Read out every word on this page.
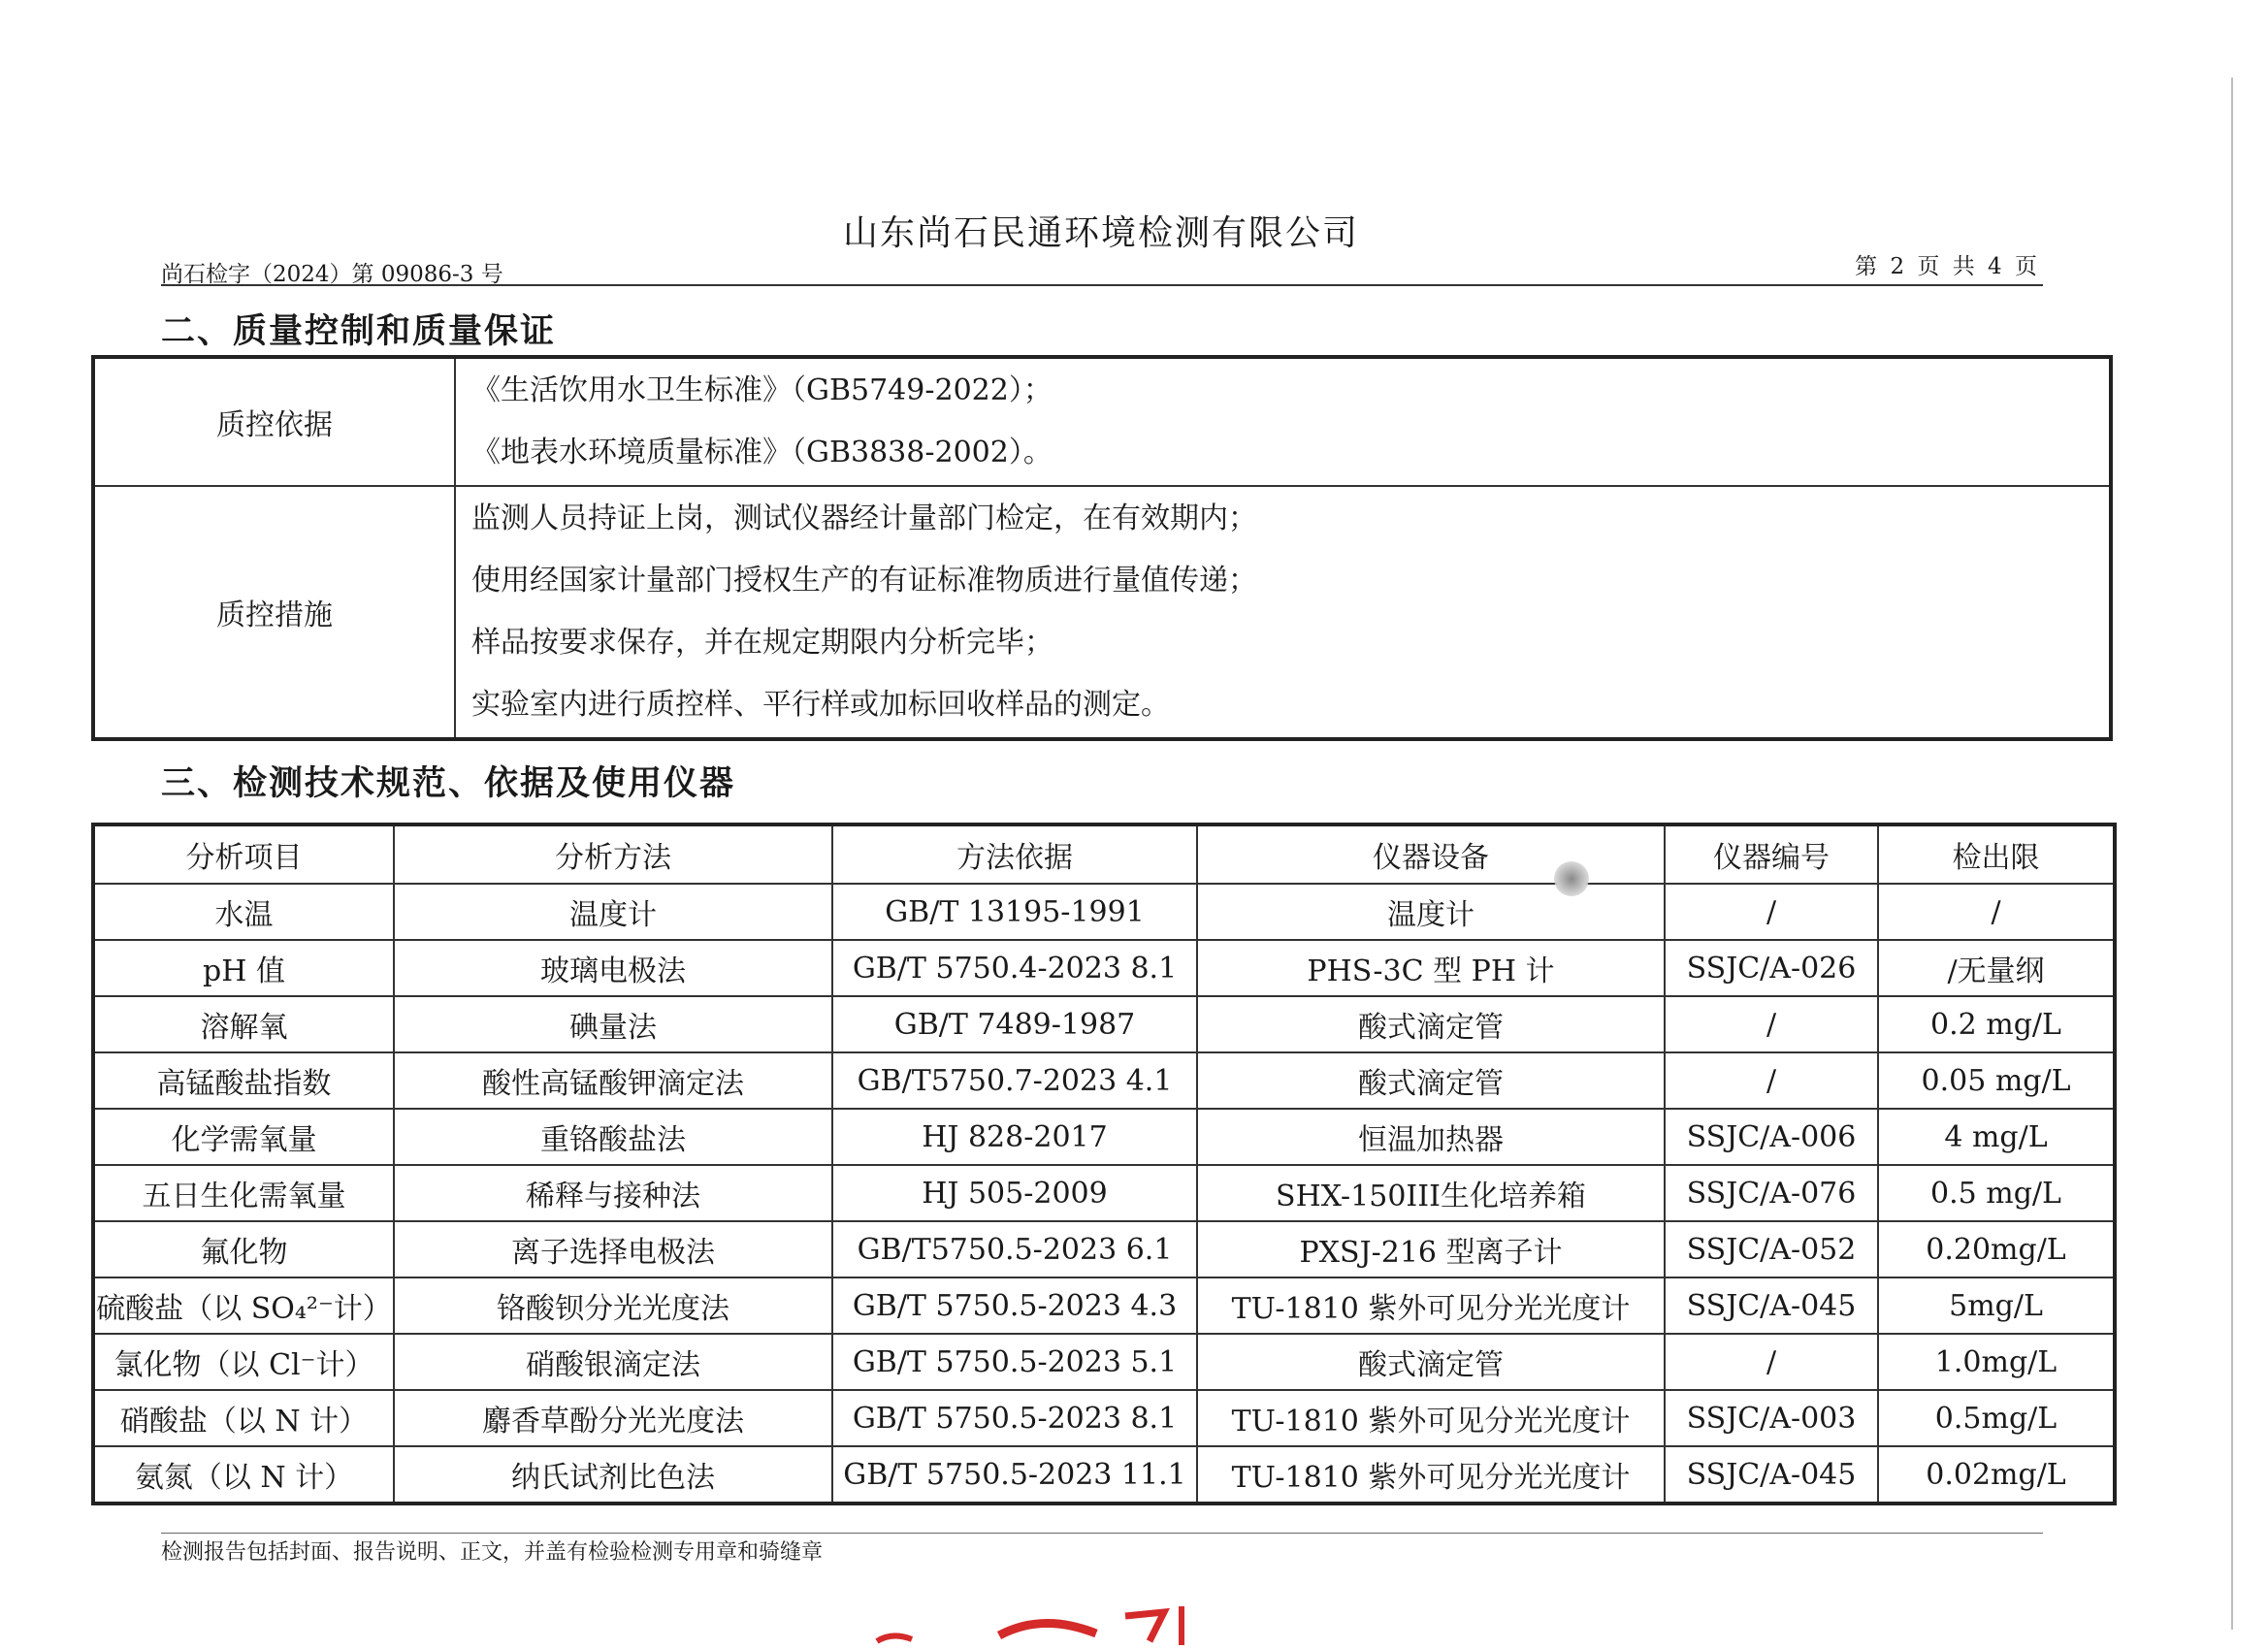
山东尚石民通环境检测有限公司
尚石检字（2024）第 09086-3 号	第 2 页 共 4 页
二、质量控制和质量保证
质控依据	《生活饮用水卫生标准》（GB5749-2022）；
《地表水环境质量标准》（GB3838-2002）。

质控措施	监测人员持证上岗，测试仪器经计量部门检定，在有效期内；
使用经国家计量部门授权生产的有证标准物质进行量值传递；
样品按要求保存，并在规定期限内分析完毕；
实验室内进行质控样、平行样或加标回收样品的测定。
三、检测技术规范、依据及使用仪器
分析项目	分析方法	方法依据	仪器设备	仪器编号	检出限
水温	温度计	GB/T 13195-1991	温度计	/	/
pH 值	玻璃电极法	GB/T 5750.4-2023 8.1	PHS-3C 型 PH 计	SSJC/A-026	/无量纲
溶解氧	碘量法	GB/T 7489-1987	酸式滴定管	/	0.2 mg/L
高锰酸盐指数	酸性高锰酸钾滴定法	GB/T5750.7-2023 4.1	酸式滴定管	/	0.05 mg/L
化学需氧量	重铬酸盐法	HJ 828-2017	恒温加热器	SSJC/A-006	4 mg/L
五日生化需氧量	稀释与接种法	HJ 505-2009	SHX-150III生化培养箱	SSJC/A-076	0.5 mg/L
氟化物	离子选择电极法	GB/T5750.5-2023 6.1	PXSJ-216 型离子计	SSJC/A-052	0.20mg/L
硫酸盐（以 SO₄²⁻计）	铬酸钡分光光度法	GB/T 5750.5-2023 4.3	TU-1810 紫外可见分光光度计	SSJC/A-045	5mg/L
氯化物（以 Cl⁻计）	硝酸银滴定法	GB/T 5750.5-2023 5.1	酸式滴定管	/	1.0mg/L
硝酸盐（以 N 计）	麝香草酚分光光度法	GB/T 5750.5-2023 8.1	TU-1810 紫外可见分光光度计	SSJC/A-003	0.5mg/L
氨氮（以 N 计）	纳氏试剂比色法	GB/T 5750.5-2023 11.1	TU-1810 紫外可见分光光度计	SSJC/A-045	0.02mg/L
检测报告包括封面、报告说明、正文，并盖有检验检测专用章和骑缝章
